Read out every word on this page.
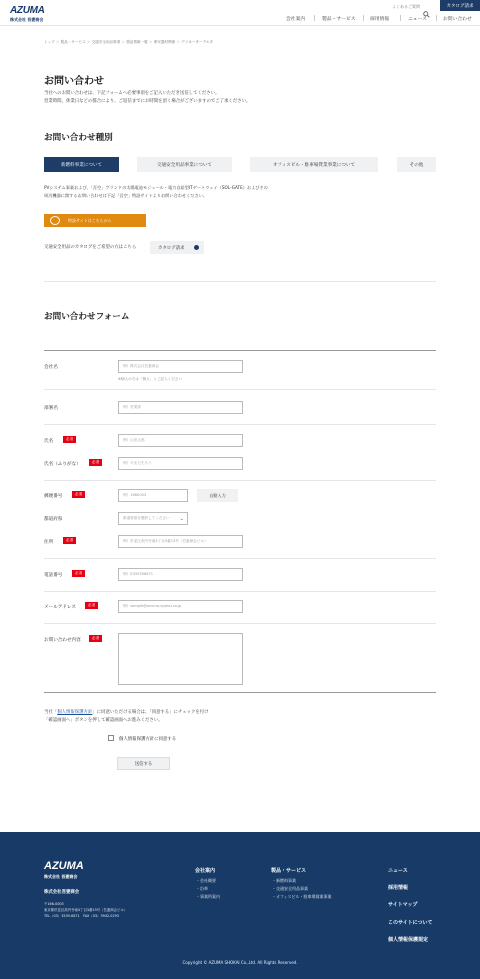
AZUMA
株式会社 吾妻商会
よくあるご質問	カタログ請求
会社案内	製品・サービス	採用情報	ニュース	お問い合わせ
トップ ＞ 製品・サービス ＞ 交通安全用品事業 ＞ 製品情報一覧 ＞ 保安器材関係 ＞ デリネーターデルタ
お問い合わせ
当社へのお問い合わせは、下記フォームへ必要事項をご記入いただき送信してください。
営業時間、休業日などの都合により、ご返信までにお時間を頂く場合がございますのでご了承ください。
お問い合わせ種別
新燃料事業について	交通安全用品事業について	オフィスビル・駐車場貸業事業について	その他
PVシステム事業および、「吾空」ブランドの太陽電池モジュール・電力自給型ITゲートウェイ（SOL-GATE）およびその
周辺機器に関するお問い合わせは下記「吾空」特設サイトよりお問い合わせください。
特設サイトはこちらから
交通安全用品のカタログをご希望の方はこちら	カタログ請求
お問い合わせフォーム
会社名	例）株式会社吾妻商会
※個人の方は「個人」とご記入ください
部署名	例）営業部
氏名	必須	例）山田太郎
氏名（ふりがな）	必須	例）やまだたろう
郵便番号	必須	例）1660003	自動入力
都道府県	都道府県を選択してください ⌄
住所	必須	例）杉並区高円寺南4丁目3番13号（吾妻商会ビル）
電話番号	必須	例）0335396871
メールアドレス	必須	例）sample@azuma-syokai.co.jp
お問い合わせ内容	必須
当社「個人情報保護方針」に同意いただける場合は、「同意する」にチェックを付け
「確認画面へ」ボタンを押して確認画面へお進みください。
個人情報保護方針に同意する
送信する
AZUMA
株式会社 吾妻商会
株式会社吾妻商会
〒166-0003
東京都杉並区高円寺南4丁目3番13号（吾妻商会ビル）
TEL（03）3539-6871　FAX（03）3942-0293
会社案内
・会社概要
・沿革
・事業所案内
製品・サービス
・新燃料事業
・交通安全用品事業
・オフィスビル・駐車場貸業事業
ニュース
採用情報
サイトマップ
このサイトについて
個人情報保護規定
Copyright © AZUMA SHOKAI Co.,Ltd. All Rights Reserved.
